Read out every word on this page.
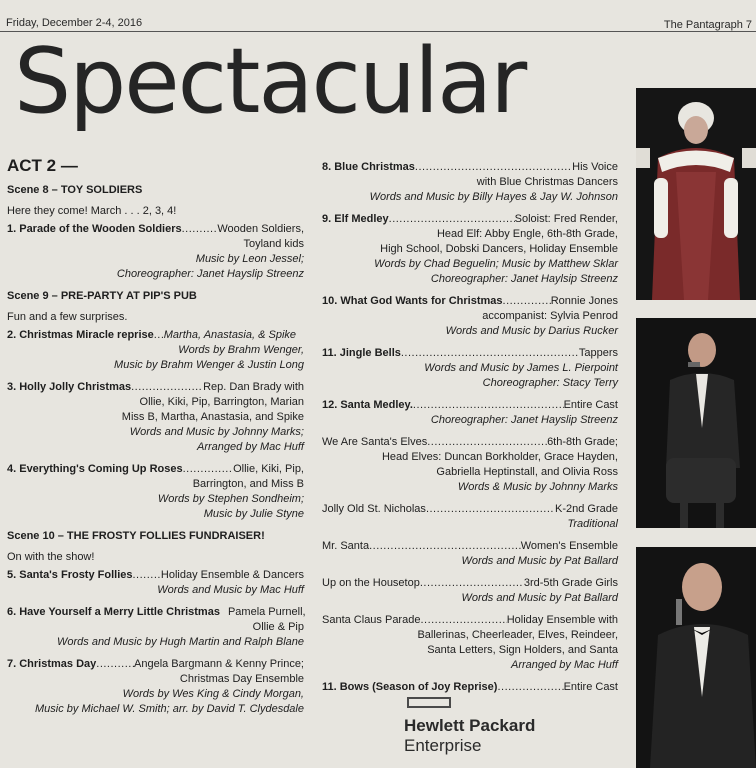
Friday, December 2-4, 2016	The Pantagraph 7
Spectacular
ACT 2 —
Scene 8 – TOY SOLDIERS
Here they come! March . . . 2, 3, 4!
1. Parade of the Wooden Soldiers .....	Wooden Soldiers,
Toyland kids
Music by Leon Jessel;
Choreographer: Janet Hayslip Streenz
Scene 9 – PRE-PARTY AT PIP'S PUB
Fun and a few surprises.
2. Christmas Miracle reprise ..... Martha, Anastasia, & Spike
Words by Brahm Wenger,
Music by Brahm Wenger & Justin Long
3. Holly Jolly Christmas .....	Rep. Dan Brady with
Ollie, Kiki, Pip, Barrington, Marian
Miss B, Martha, Anastasia, and Spike
Words and Music by Johnny Marks;
Arranged by Mac Huff
4. Everything's Coming Up Roses .....	Ollie, Kiki, Pip,
Barrington, and Miss B
Words by Stephen Sondheim;
Music by Julie Styne
Scene 10 – THE FROSTY FOLLIES FUNDRAISER!
On with the show!
5. Santa's Frosty Follies .....	Holiday Ensemble & Dancers
Words and Music by Mac Huff
6. Have Yourself a Merry Little Christmas Pamela Purnell,
Ollie & Pip
Words and Music by Hugh Martin and Ralph Blane
7. Christmas Day .....	Angela Bargmann & Kenny Prince;
Christmas Day Ensemble
Words by Wes King & Cindy Morgan,
Music by Michael W. Smith; arr. by David T. Clydesdale
8. Blue Christmas .....	His Voice
with Blue Christmas Dancers
Words and Music by Billy Hayes & Jay W. Johnson
9. Elf Medley .....	Soloist: Fred Render,
Head Elf: Abby Engle, 6th-8th Grade,
High School, Dobski Dancers, Holiday Ensemble
Words by Chad Beguelin; Music by Matthew Sklar
Choreographer: Janet Haylsip Streenz
10. What God Wants for Christmas .....	Ronnie Jones
accompanist: Sylvia Penrod
Words and Music by Darius Rucker
11. Jingle Bells .....	Tappers
Words and Music by James L. Pierpoint
Choreographer: Stacy Terry
12. Santa Medley. .....	Entire Cast
Choreographer: Janet Hayslip Streenz
We Are Santa's Elves .....	6th-8th Grade;
Head Elves: Duncan Borkholder, Grace Hayden,
Gabriella Heptinstall, and Olivia Ross
Words & Music by Johnny Marks
Jolly Old St. Nicholas .....	K-2nd Grade
Traditional
Mr. Santa .....	Women's Ensemble
Words and Music by Pat Ballard
Up on the Housetop .....	3rd-5th Grade Girls
Words and Music by Pat Ballard
Santa Claus Parade .....	Holiday Ensemble with
Ballerinas, Cheerleader, Elves, Reindeer,
Santa Letters, Sign Holders, and Santa
Arranged by Mac Huff
11. Bows (Season of Joy Reprise) .....	Entire Cast
Hewlett Packard
Enterprise
